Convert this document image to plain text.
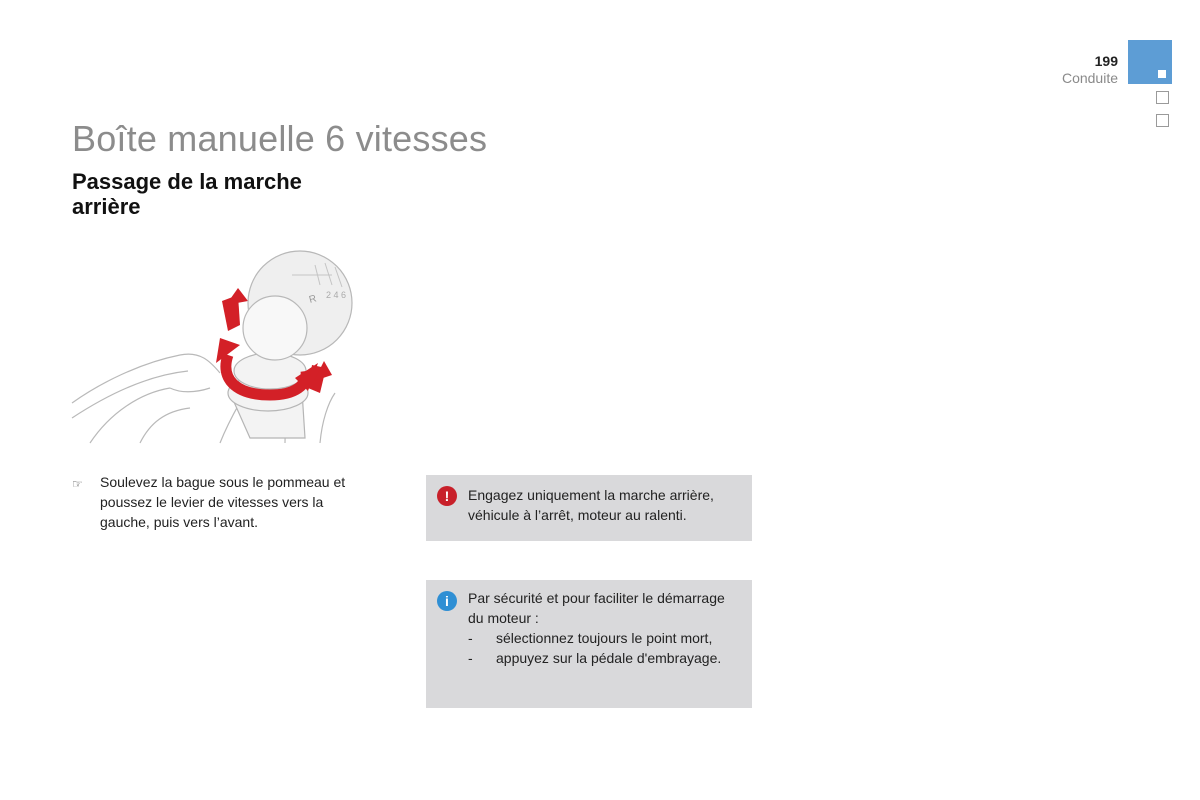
199
Conduite
Boîte manuelle 6 vitesses
Passage de la marche arrière
R 2 4 6
☞	Soulevez la bague sous le pommeau et poussez le levier de vitesses vers la gauche, puis vers l’avant.
!	Engagez uniquement la marche arrière, véhicule à l’arrêt, moteur au ralenti.
i	Par sécurité et pour faciliter le démarrage du moteur :
- sélectionnez toujours le point mort,
- appuyez sur la pédale d'embrayage.
